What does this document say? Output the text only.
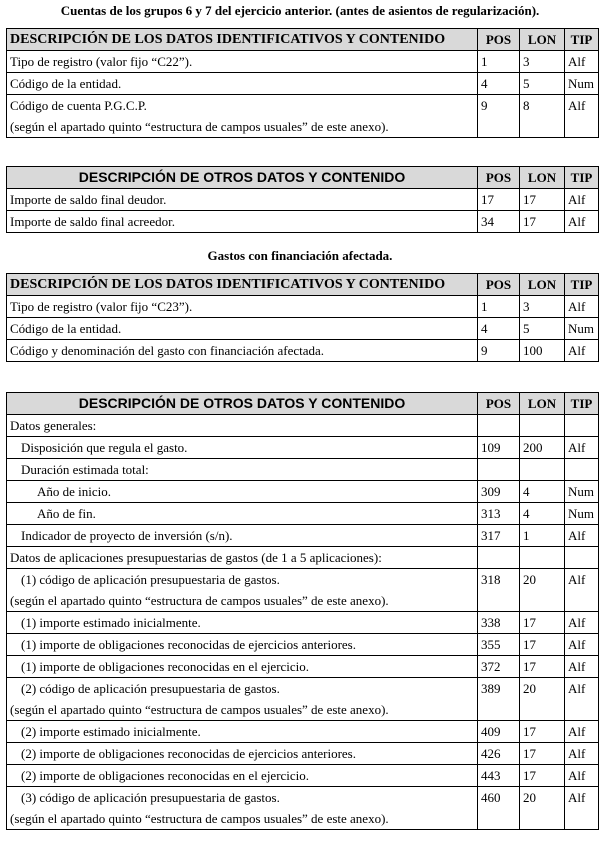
Cuentas de los grupos 6 y 7 del ejercicio anterior. (antes de asientos de regularización).
DESCRIPCIÓN DE LOS DATOS IDENTIFICATIVOS Y CONTENIDO	POS	LON	TIP
Tipo de registro (valor fijo “C22”).	1	3	Alf
Código de la entidad.	4	5	Num

Código de cuenta P.G.C.P.
(según el apartado quinto “estructura de campos usuales” de este anexo).	9	8	Alf
DESCRIPCIÓN DE OTROS DATOS Y CONTENIDO	POS	LON	TIP
Importe de saldo final deudor.	17	17	Alf
Importe de saldo final acreedor.	34	17	Alf
Gastos con financiación afectada.
DESCRIPCIÓN DE LOS DATOS IDENTIFICATIVOS Y CONTENIDO	POS	LON	TIP
Tipo de registro (valor fijo “C23”).	1	3	Alf
Código de la entidad.	4	5	Num
Código y denominación del gasto con financiación afectada.	9	100	Alf
DESCRIPCIÓN DE OTROS DATOS Y CONTENIDO	POS	LON	TIP
Datos generales:			
Disposición que regula el gasto.	109	200	Alf
Duración estimada total:			
Año de inicio.	309	4	Num
Año de fin.	313	4	Num
Indicador de proyecto de inversión (s/n).	317	1	Alf
Datos de aplicaciones presupuestarias de gastos (de 1 a 5 aplicaciones):			

(1) código de aplicación presupuestaria de gastos.
(según el apartado quinto “estructura de campos usuales” de este anexo).	318	20	Alf
(1) importe estimado inicialmente.	338	17	Alf
(1) importe de obligaciones reconocidas de ejercicios anteriores.	355	17	Alf
(1) importe de obligaciones reconocidas en el ejercicio.	372	17	Alf

(2) código de aplicación presupuestaria de gastos.
(según el apartado quinto “estructura de campos usuales” de este anexo).	389	20	Alf
(2) importe estimado inicialmente.	409	17	Alf
(2) importe de obligaciones reconocidas de ejercicios anteriores.	426	17	Alf
(2) importe de obligaciones reconocidas en el ejercicio.	443	17	Alf

(3) código de aplicación presupuestaria de gastos.
(según el apartado quinto “estructura de campos usuales” de este anexo).	460	20	Alf
